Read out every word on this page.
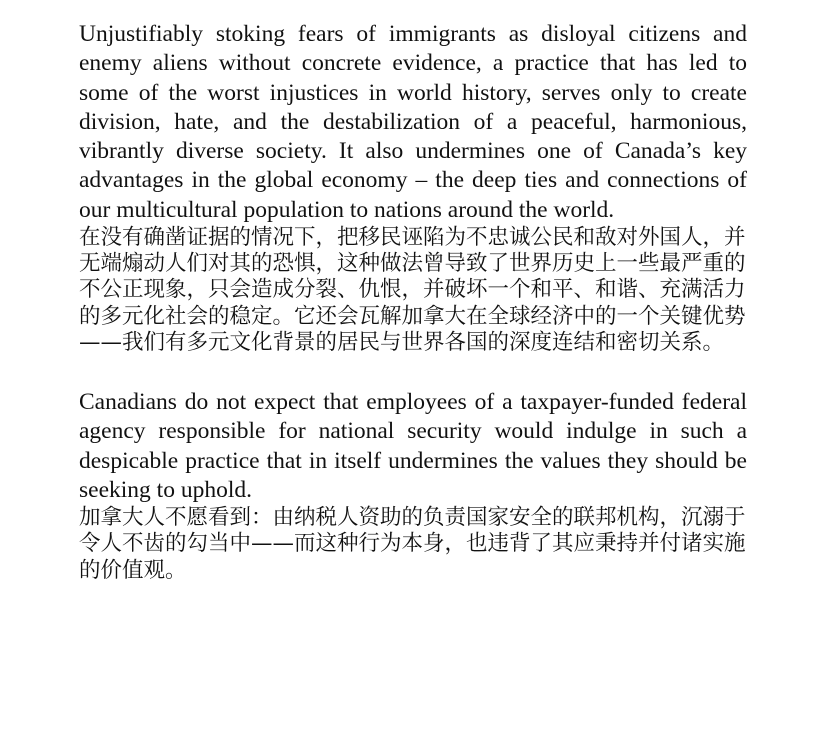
Unjustifiably stoking fears of immigrants as disloyal citizens and enemy aliens without concrete evidence, a practice that has led to some of the worst injustices in world history, serves only to create division, hate, and the destabilization of a peaceful, harmonious, vibrantly diverse society. It also undermines one of Canada’s key advantages in the global economy – the deep ties and connections of our multicultural population to nations around the world.

在没有确凿证据的情况下，把移民诬陷为不忠诚公民和敌对外国人，并无端煽动人们对其的恐惧，这种做法曾导致了世界历史上一些最严重的不公正现象，只会造成分裂、仇恨，并破坏一个和平、和谐、充满活力的多元化社会的稳定。它还会瓦解加拿大在全球经济中的一个关键优势——我们有多元文化背景的居民与世界各国的深度连结和密切关系。

Canadians do not expect that employees of a taxpayer-funded federal agency responsible for national security would indulge in such a despicable practice that in itself undermines the values they should be seeking to uphold.

加拿大人不愿看到：由纳税人资助的负责国家安全的联邦机构，沉溺于令人不齿的勾当中——而这种行为本身，也违背了其应秉持并付诸实施的价值观。
